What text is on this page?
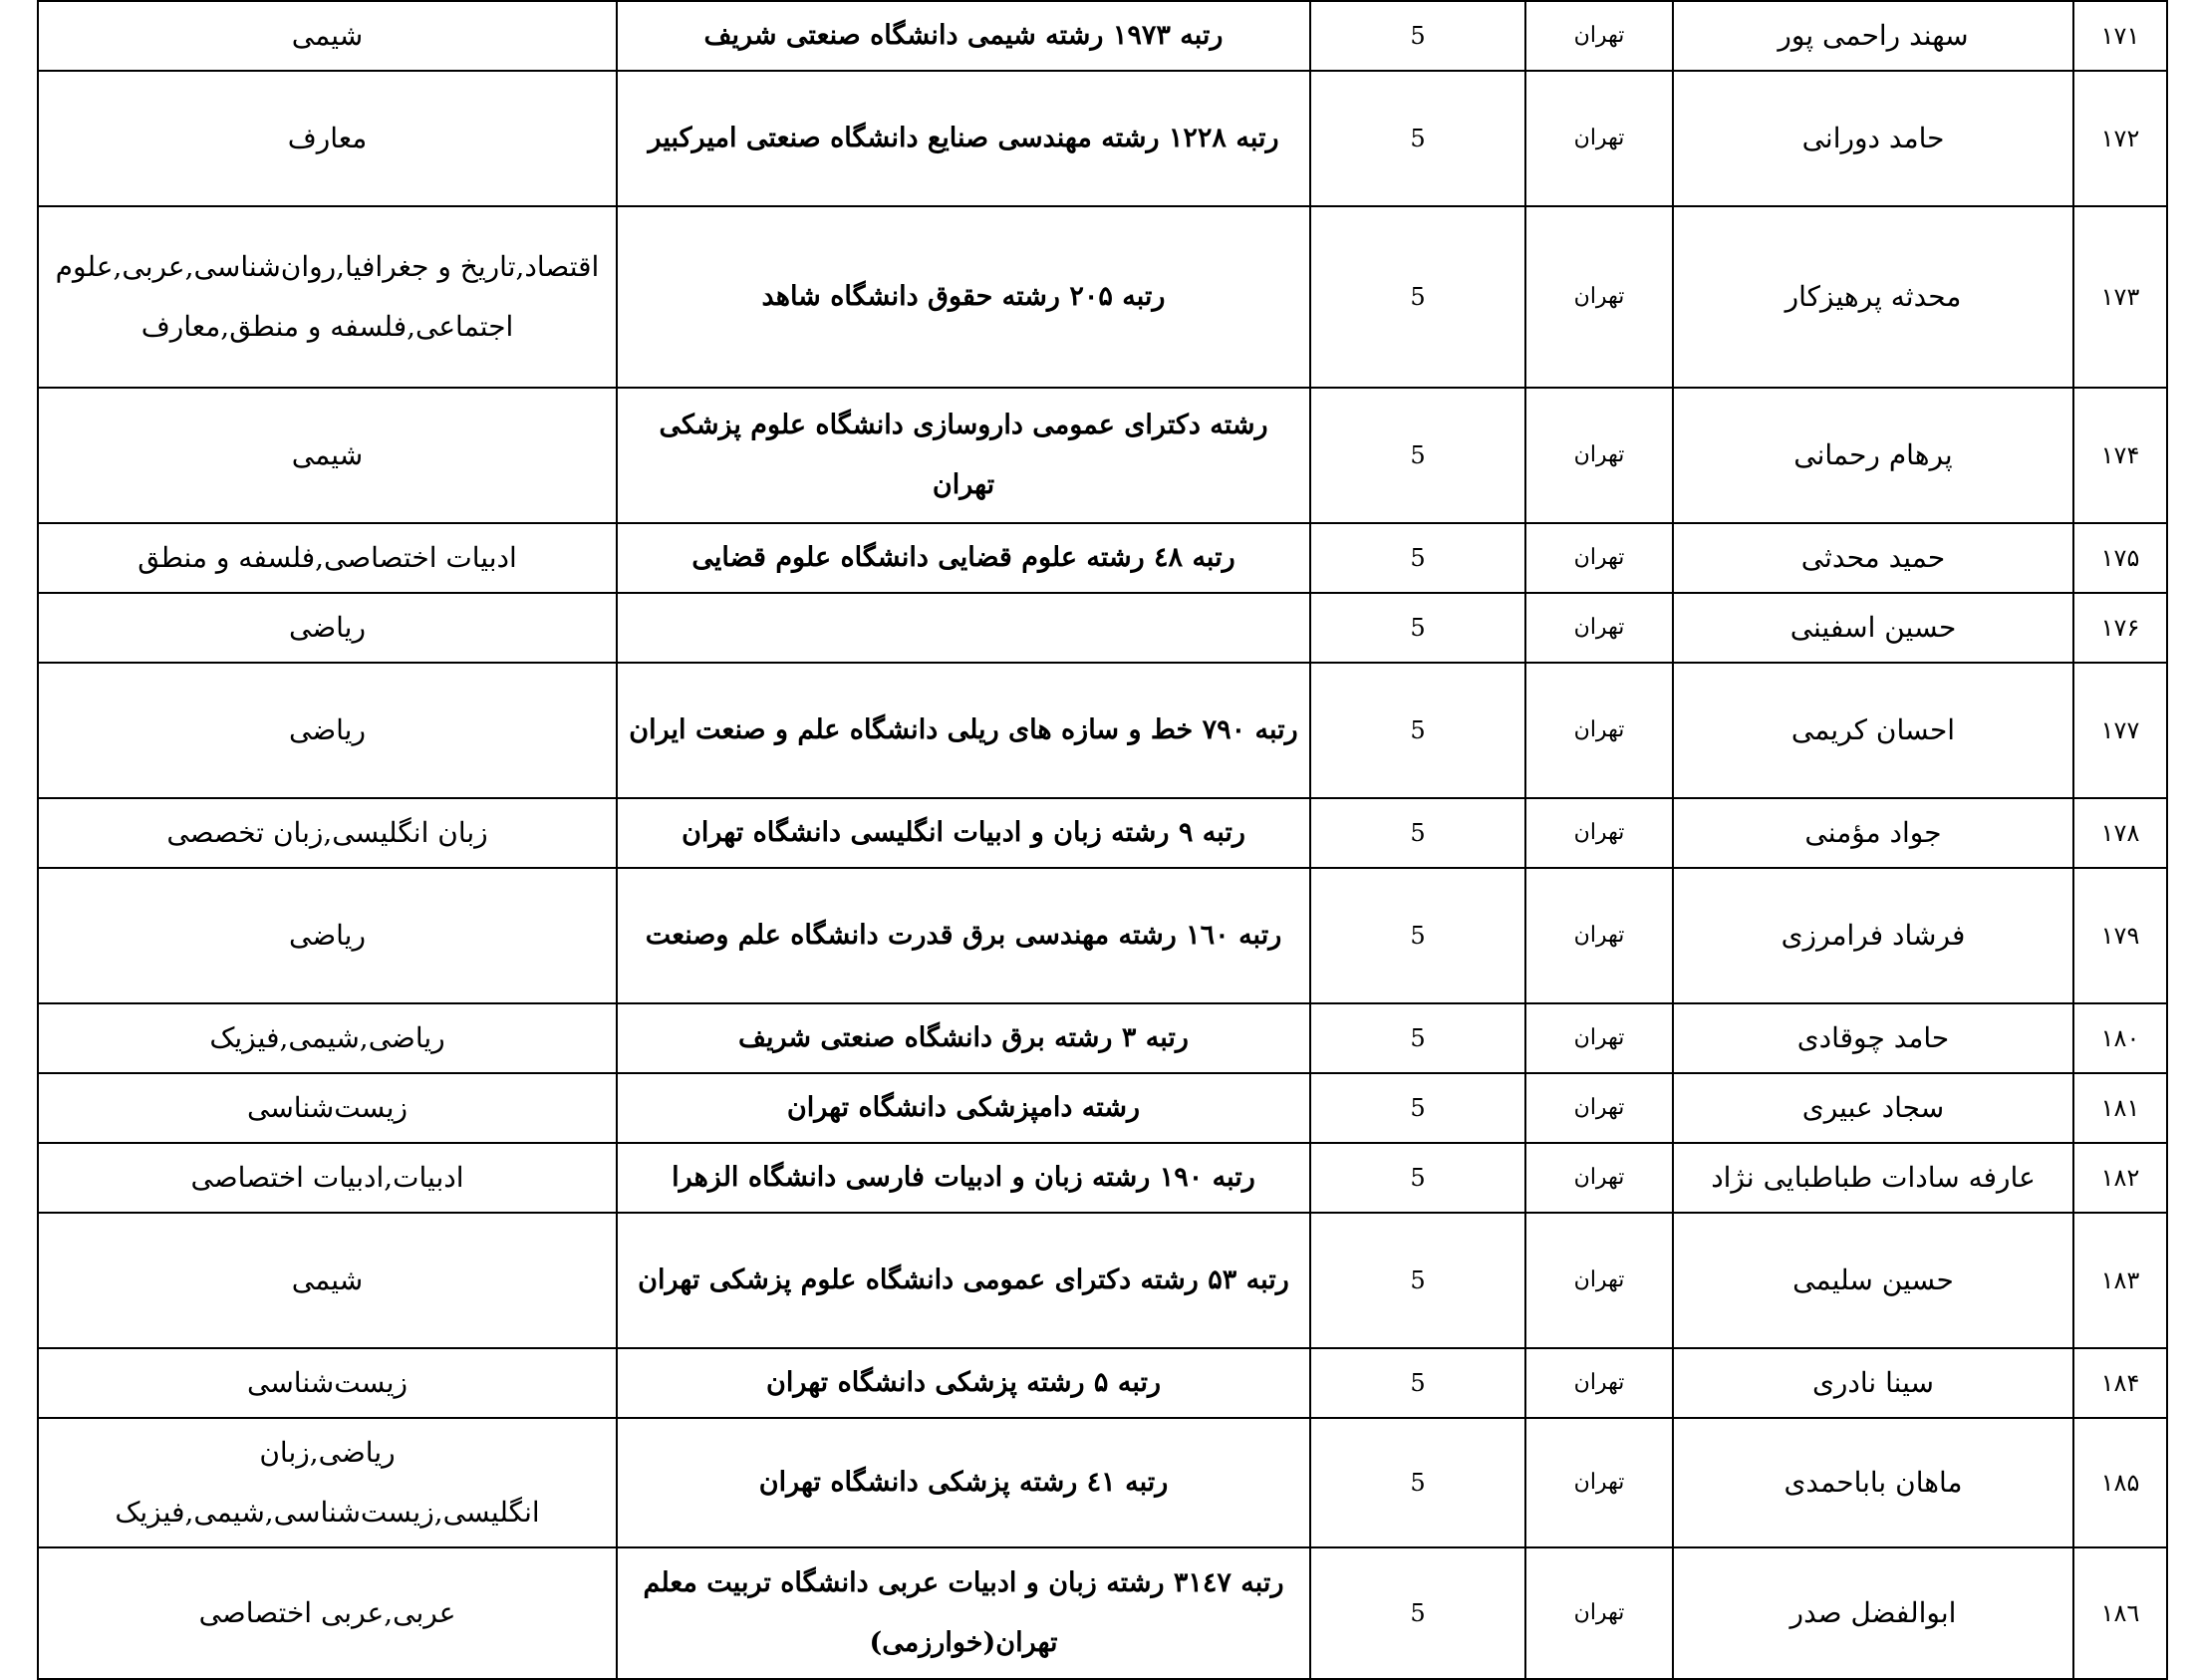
۱۷۱	سهند راحمی پور	تهران	5	رتبه ۱۹۷۳ رشته شیمی دانشگاه صنعتی شریف	شیمی
۱۷۲	حامد دورانی	تهران	5	رتبه ۱۲۲۸ رشته مهندسی صنایع دانشگاه صنعتی امیرکبیر	معارف
۱۷۳	محدثه پرهیزکار	تهران	5	رتبه ۲۰۵ رشته حقوق دانشگاه شاهد	اقتصاد,تاریخ و جغرافیا,روان‌شناسی,عربی,علوم اجتماعی,فلسفه و منطق,معارف
۱۷۴	پرهام رحمانی	تهران	5	رشته دکترای عمومی داروسازی دانشگاه علوم پزشکی تهران	شیمی
۱۷۵	حمید محدثی	تهران	5	رتبه ٤۸ رشته علوم قضایی دانشگاه علوم قضایی	ادبیات اختصاصی,فلسفه و منطق
۱۷۶	حسین اسفینی	تهران	5		ریاضی
۱۷۷	احسان کریمی	تهران	5	رتبه ۷۹۰ خط و سازه های ریلی دانشگاه علم و صنعت ایران	ریاضی
۱۷۸	جواد مؤمنی	تهران	5	رتبه ۹ رشته زبان و ادبیات انگلیسی دانشگاه تهران	زبان انگلیسی,زبان تخصصی
۱۷۹	فرشاد فرامرزی	تهران	5	رتبه ۱٦۰ رشته مهندسی برق قدرت دانشگاه علم وصنعت	ریاضی
۱۸۰	حامد چوقادی	تهران	5	رتبه ۳ رشته برق دانشگاه صنعتی شریف	ریاضی,شیمی,فیزیک
۱۸۱	سجاد عبیری	تهران	5	رشته دامپزشکی دانشگاه تهران	زیست‌شناسی
۱۸۲	عارفه سادات طباطبایی نژاد	تهران	5	رتبه ۱۹۰ رشته زبان و ادبیات فارسی دانشگاه الزهرا	ادبیات,ادبیات اختصاصی
۱۸۳	حسین سلیمی	تهران	5	رتبه ۵۳ رشته دکترای عمومی دانشگاه علوم پزشکی تهران	شیمی
۱۸۴	سینا نادری	تهران	5	رتبه ۵ رشته پزشکی دانشگاه تهران	زیست‌شناسی
۱۸۵	ماهان باباحمدی	تهران	5	رتبه ٤۱ رشته پزشکی دانشگاه تهران	ریاضی,زبان انگلیسی,زیست‌شناسی,شیمی,فیزیک
۱۸٦	ابوالفضل صدر	تهران	5	رتبه ۳۱٤۷ رشته زبان و ادبیات عربی دانشگاه تربیت معلم تهران(خوارزمی)	عربی,عربی اختصاصی
